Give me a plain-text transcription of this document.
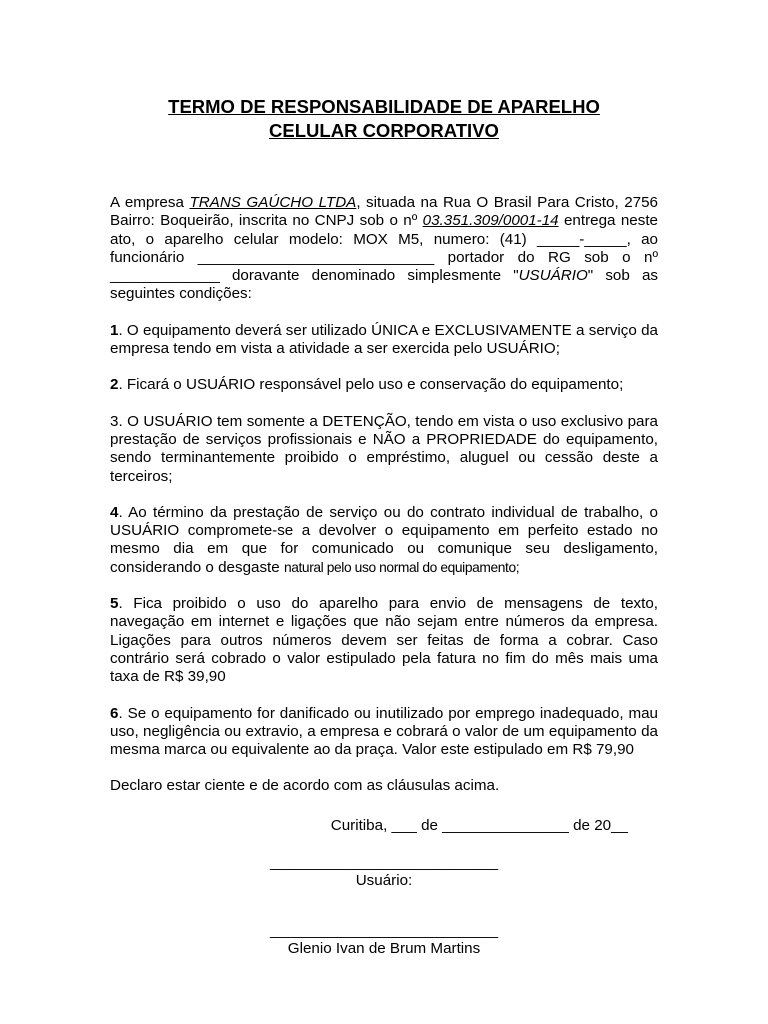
TERMO DE RESPONSABILIDADE DE APARELHO
CELULAR CORPORATIVO

A empresa TRANS GAÚCHO LTDA, situada na Rua O Brasil Para Cristo, 2756 Bairro: Boqueirão, inscrita no CNPJ sob o nº 03.351.309/0001-14 entrega neste ato, o aparelho celular modelo: MOX M5, numero: (41) _____-_____, ao funcionário ____________________________ portador do RG sob o nº _____________ doravante denominado simplesmente "USUÁRIO" sob as seguintes condições:

1. O equipamento deverá ser utilizado ÚNICA e EXCLUSIVAMENTE a serviço da empresa tendo em vista a atividade a ser exercida pelo USUÁRIO;

2. Ficará o USUÁRIO responsável pelo uso e conservação do equipamento;

3. O USUÁRIO tem somente a DETENÇÃO, tendo em vista o uso exclusivo para prestação de serviços profissionais e NÃO a PROPRIEDADE do equipamento, sendo terminantemente proibido o empréstimo, aluguel ou cessão deste a terceiros;

4. Ao término da prestação de serviço ou do contrato individual de trabalho, o USUÁRIO compromete-se a devolver o equipamento em perfeito estado no mesmo dia em que for comunicado ou comunique seu desligamento, considerando o desgaste natural pelo uso normal do equipamento;

5. Fica proibido o uso do aparelho para envio de mensagens de texto, navegação em internet e ligações que não sejam entre números da empresa. Ligações para outros números devem ser feitas de forma a cobrar. Caso contrário será cobrado o valor estipulado pela fatura no fim do mês mais uma taxa de R$ 39,90

6. Se o equipamento for danificado ou inutilizado por emprego inadequado, mau uso, negligência ou extravio, a empresa e cobrará o valor de um equipamento da mesma marca ou equivalente ao da praça. Valor este estipulado em R$ 79,90

Declaro estar ciente e de acordo com as cláusulas acima.

Curitiba, ___ de _______________ de 20__
___________________________
Usuário:
___________________________
Glenio Ivan de Brum Martins
